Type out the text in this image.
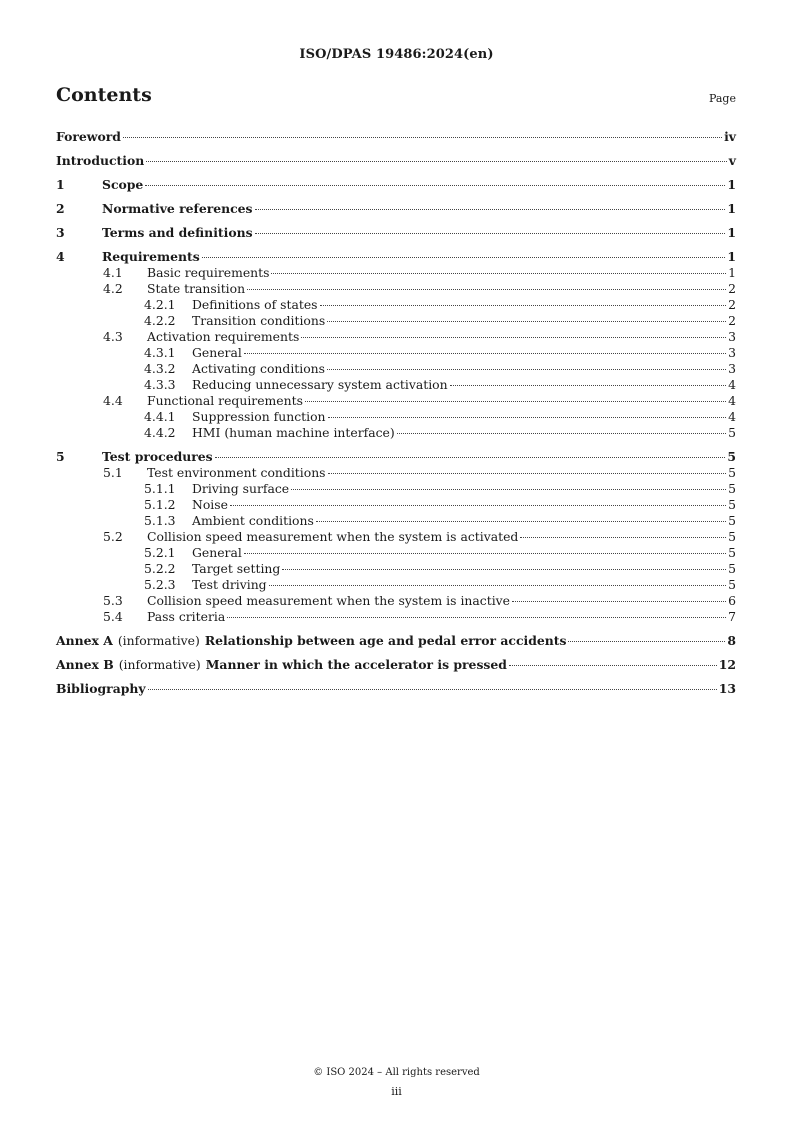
ISO/DPAS 19486:2024(en)
Contents	Page
Foreword	iv
Introduction	v
1	Scope	1
2	Normative references	1
3	Terms and definitions	1
4	Requirements	1
4.1	Basic requirements	1
4.2	State transition	2
4.2.1	Definitions of states	2
4.2.2	Transition conditions	2
4.3	Activation requirements	3
4.3.1	General	3
4.3.2	Activating conditions	3
4.3.3	Reducing unnecessary system activation	4
4.4	Functional requirements	4
4.4.1	Suppression function	4
4.4.2	HMI (human machine interface)	5
5	Test procedures	5
5.1	Test environment conditions	5
5.1.1	Driving surface	5
5.1.2	Noise	5
5.1.3	Ambient conditions	5
5.2	Collision speed measurement when the system is activated	5
5.2.1	General	5
5.2.2	Target setting	5
5.2.3	Test driving	5
5.3	Collision speed measurement when the system is inactive	6
5.4	Pass criteria	7
Annex A (informative) Relationship between age and pedal error accidents	8
Annex B (informative) Manner in which the accelerator is pressed	12
Bibliography	13
© ISO 2024 – All rights reserved
iii
